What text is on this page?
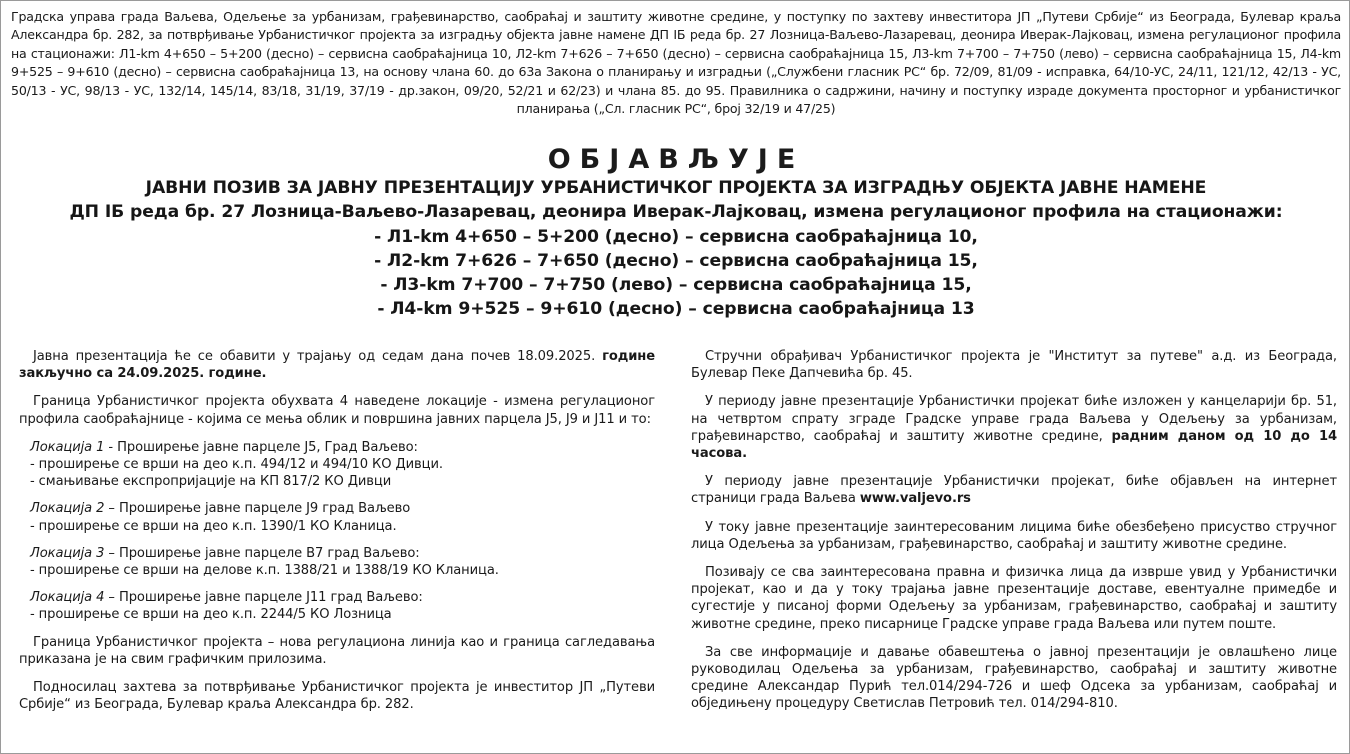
Градска управа града Ваљева, Одељење за урбанизам, грађевинарство, саобраћај и заштиту животне средине, у поступку по захтеву инвеститора ЈП „Путеви Србије“ из Београда, Булевар краља Александра бр. 282, за потврђивање Урбанистичког пројекта за изградњу објекта јавне намене ДП ІБ реда бр. 27 Лозница-Ваљево-Лазаревац, деонира Иверак-Лајковац, измена регулационог профила на стационажи: Л1-km 4+650 – 5+200 (десно) – сервисна саобраћајница 10, Л2-km 7+626 – 7+650 (десно) – сервисна саобраћајница 15, Л3-km 7+700 – 7+750 (лево) – сервисна саобраћајница 15, Л4-km 9+525 – 9+610 (десно) – сервисна саобраћајница 13, на основу члана 60. до 63а Закона о планирању и изградњи („Службени гласник РС“ бр. 72/09, 81/09 - исправка, 64/10-УС, 24/11, 121/12, 42/13 - УС, 50/13 - УС, 98/13 - УС, 132/14, 145/14, 83/18, 31/19, 37/19 - др.закон, 09/20, 52/21 и 62/23) и члана 85. до 95. Правилника о садржини, начину и поступку израде документа просторног и урбанистичког планирања („Сл. гласник РС“, број 32/19 и 47/25)

ОБЈАВЉУЈЕ
ЈАВНИ ПОЗИВ ЗА ЈАВНУ ПРЕЗЕНТАЦИЈУ УРБАНИСТИЧКОГ ПРОЈЕКТА ЗА ИЗГРАДЊУ ОБЈЕКТА ЈАВНЕ НАМЕНЕ
ДП ІБ реда бр. 27 Лозница-Ваљево-Лазаревац, деонира Иверак-Лајковац, измена регулационог профила на стационажи:
- Л1-km 4+650 – 5+200 (десно) – сервисна саобраћајница 10,
- Л2-km 7+626 – 7+650 (десно) – сервисна саобраћајница 15,
- Л3-km 7+700 – 7+750 (лево) – сервисна саобраћајница 15,
- Л4-km 9+525 – 9+610 (десно) – сервисна саобраћајница 13

Јавна презентација ће се обавити у трајању од седам дана почев 18.09.2025. године закључно са 24.09.2025. године.

Граница Урбанистичког пројекта обухвата 4 наведене локације - измена регулационог профила саобраћајнице - којима се мења облик и површина јавних парцела Ј5, Ј9 и Ј11 и то:

Локација 1 - Проширење јавне парцеле Ј5, Град Ваљево:
- проширење се врши на део к.п. 494/12 и 494/10 КО Дивци.
- смањивање експропријације на КП 817/2 КО Дивци

Локација 2 – Проширење јавне парцеле Ј9 град Ваљево
- проширење се врши на део к.п. 1390/1 КО Кланица.

Локација 3 – Проширење јавне парцеле В7 град Ваљево:
- проширење се врши на делове к.п. 1388/21 и 1388/19 КО Кланица.

Локација 4 – Проширење јавне парцеле Ј11 град Ваљево:
- проширење се врши на део к.п. 2244/5 КО Лозница

Граница Урбанистичког пројекта – нова регулациона линија као и граница сагледавања приказана је на свим графичким прилозима.

Подносилац захтева за потврђивање Урбанистичког пројекта је инвеститор ЈП „Путеви Србије“ из Београда, Булевар краља Александра бр. 282.

Стручни обрађивач Урбанистичког пројекта је "Институт за путеве" а.д. из Београда, Булевар Пеке Дапчевића бр. 45.

У периоду јавне презентације Урбанистички пројекат биће изложен у канцеларији бр. 51, на четвртом спрату зграде Градске управе града Ваљева у Одељењу за урбанизам, грађевинарство, саобраћај и заштиту животне средине, радним даном од 10 до 14 часова.

У периоду јавне презентације Урбанистички пројекат, биће објављен на интернет страници града Ваљева www.valjevo.rs

У току јавне презентације заинтересованим лицима биће обезбеђено присуство стручног лица Одељења за урбанизам, грађевинарство, саобраћај и заштиту животне средине.

Позивају се сва заинтересована правна и физичка лица да изврше увид у Урбанистички пројекат, као и да у току трајања јавне презентације доставе, евентуалне примедбе и сугестије у писаној форми Одељењу за урбанизам, грађевинарство, саобраћај и заштиту животне средине, преко писарнице Градске управе града Ваљева или путем поште.

За све информације и давање обавештења о јавној презентацији је овлашћено лице руководилац Одељења за урбанизам, грађевинарство, саобраћај и заштиту животне средине Александар Пурић тел.014/294-726 и шеф Одсека за урбанизам, саобраћај и обједињену процедуру Светислав Петровић тел. 014/294-810.
